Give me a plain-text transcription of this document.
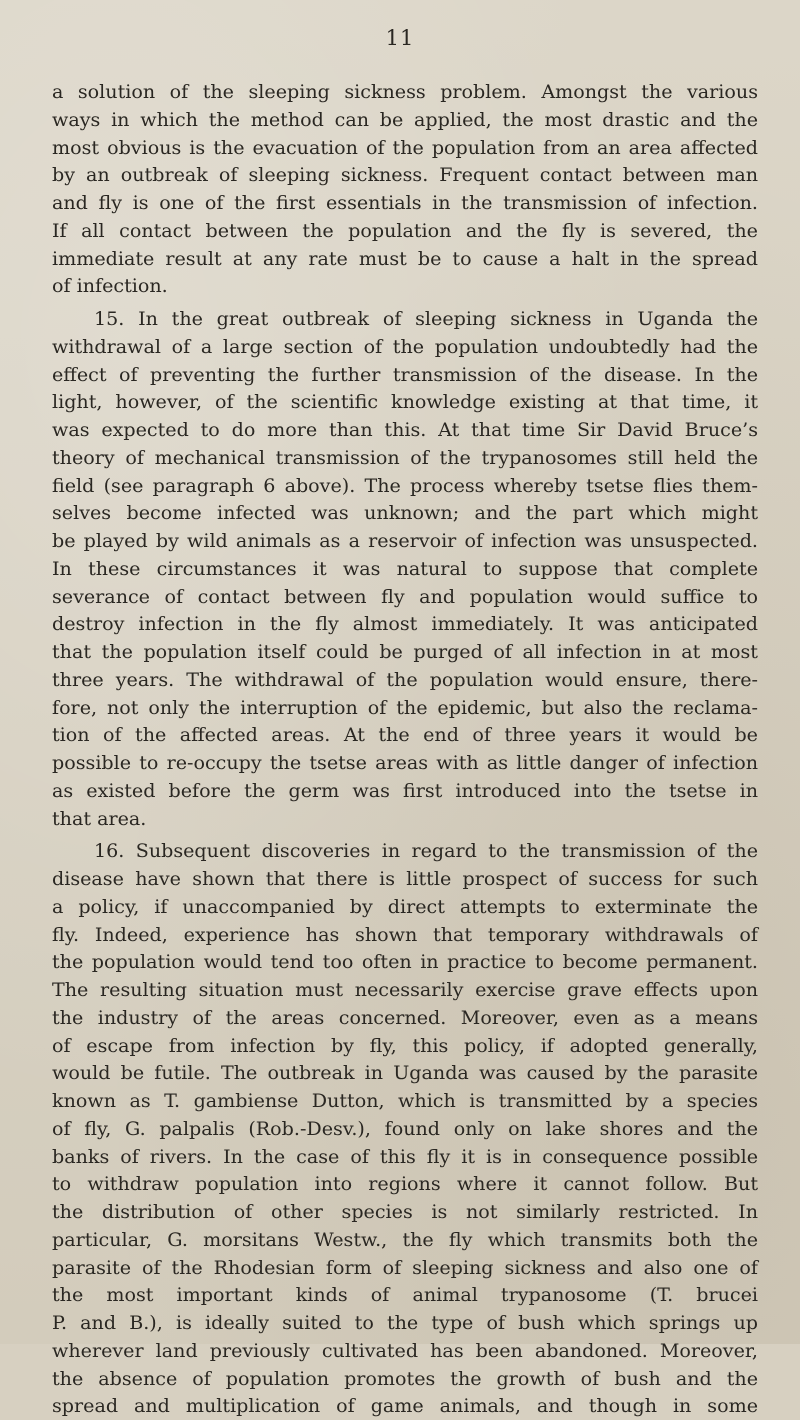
11
a solution of the sleeping sickness problem. Amongst the various
ways in which the method can be applied, the most drastic and the
most obvious is the evacuation of the population from an area affected
by an outbreak of sleeping sickness. Frequent contact between man
and fly is one of the first essentials in the transmission of infection.
If all contact between the population and the fly is severed, the
immediate result at any rate must be to cause a halt in the spread
of infection.
15. In the great outbreak of sleeping sickness in Uganda the
withdrawal of a large section of the population undoubtedly had the
effect of preventing the further transmission of the disease. In the
light, however, of the scientific knowledge existing at that time, it
was expected to do more than this. At that time Sir David Bruce’s
theory of mechanical transmission of the trypanosomes still held the
field (see paragraph 6 above). The process whereby tsetse flies them-
selves become infected was unknown; and the part which might
be played by wild animals as a reservoir of infection was unsuspected.
In these circumstances it was natural to suppose that complete
severance of contact between fly and population would suffice to
destroy infection in the fly almost immediately. It was anticipated
that the population itself could be purged of all infection in at most
three years. The withdrawal of the population would ensure, there-
fore, not only the interruption of the epidemic, but also the reclama-
tion of the affected areas. At the end of three years it would be
possible to re-occupy the tsetse areas with as little danger of infection
as existed before the germ was first introduced into the tsetse in
that area.
16. Subsequent discoveries in regard to the transmission of the
disease have shown that there is little prospect of success for such
a policy, if unaccompanied by direct attempts to exterminate the
fly. Indeed, experience has shown that temporary withdrawals of
the population would tend too often in practice to become permanent.
The resulting situation must necessarily exercise grave effects upon
the industry of the areas concerned. Moreover, even as a means
of escape from infection by fly, this policy, if adopted generally,
would be futile. The outbreak in Uganda was caused by the parasite
known as T. gambiense Dutton, which is transmitted by a species
of fly, G. palpalis (Rob.-Desv.), found only on lake shores and the
banks of rivers. In the case of this fly it is in consequence possible
to withdraw population into regions where it cannot follow. But
the distribution of other species is not similarly restricted. In
particular, G. morsitans Westw., the fly which transmits both the
parasite of the Rhodesian form of sleeping sickness and also one of
the most important kinds of animal trypanosome (T. brucei
P. and B.), is ideally suited to the type of bush which springs up
wherever land previously cultivated has been abandoned. Moreover,
the absence of population promotes the growth of bush and the
spread and multiplication of game animals, and though in some
